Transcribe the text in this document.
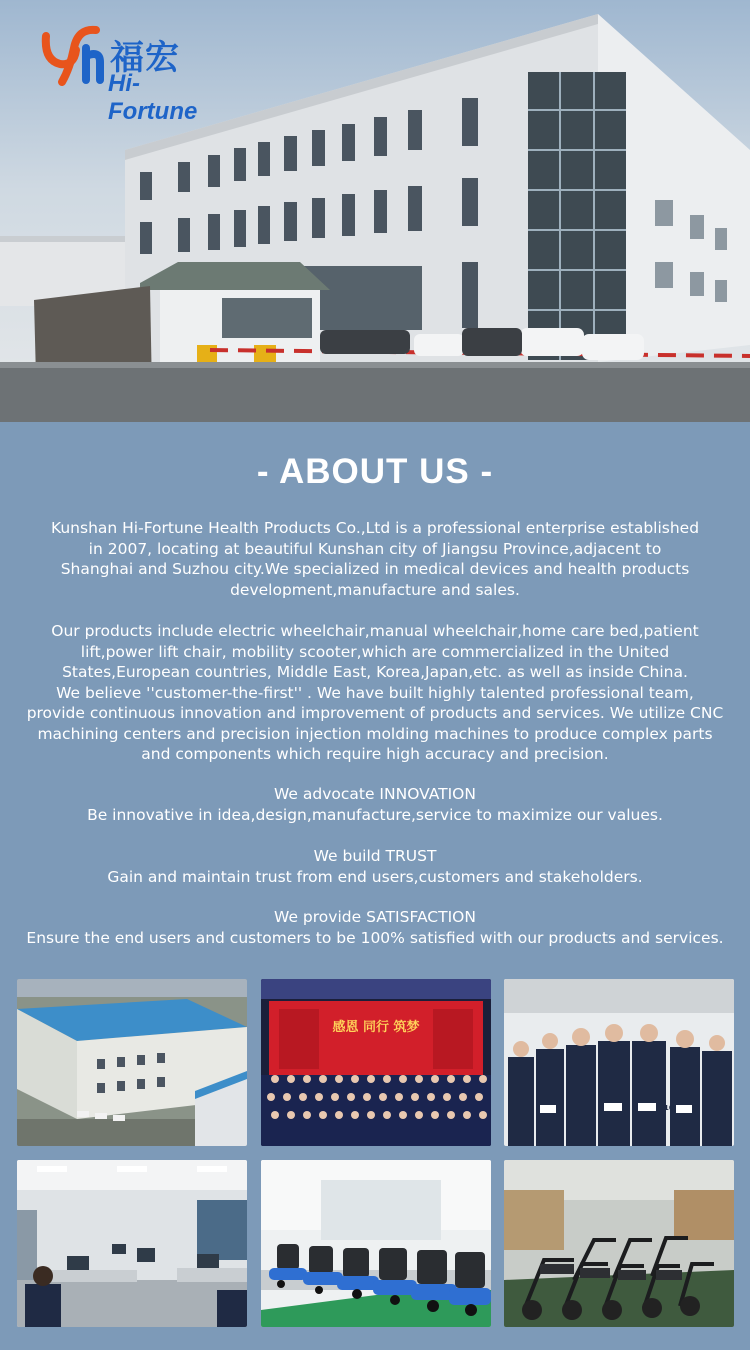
福宏
Hi-Fortune
- ABOUT US -
Kunshan Hi-Fortune Health Products Co.,Ltd is a professional enterprise established
in 2007, locating at beautiful Kunshan city of Jiangsu Province,adjacent to
Shanghai and Suzhou city.We specialized in medical devices and health products
development,manufacture and sales.
Our products include electric wheelchair,manual wheelchair,home care bed,patient
lift,power lift chair, mobility scooter,which are commercialized in the United
States,European countries, Middle East, Korea,Japan,etc. as well as inside China.
We believe ''customer-the-first'' . We have built highly talented professional team,
provide continuous innovation and improvement of products and services. We utilize CNC
machining centers and precision injection molding machines to produce complex parts
and components which require high accuracy and precision.
We advocate INNOVATION
Be innovative in idea,design,manufacture,service to maximize our values.
We build TRUST
Gain and maintain trust from end users,customers and stakeholders.
We provide SATISFACTION
Ensure the end users and customers to be 100% satisfied with our products and services.
感恩 同行 筑梦
10
